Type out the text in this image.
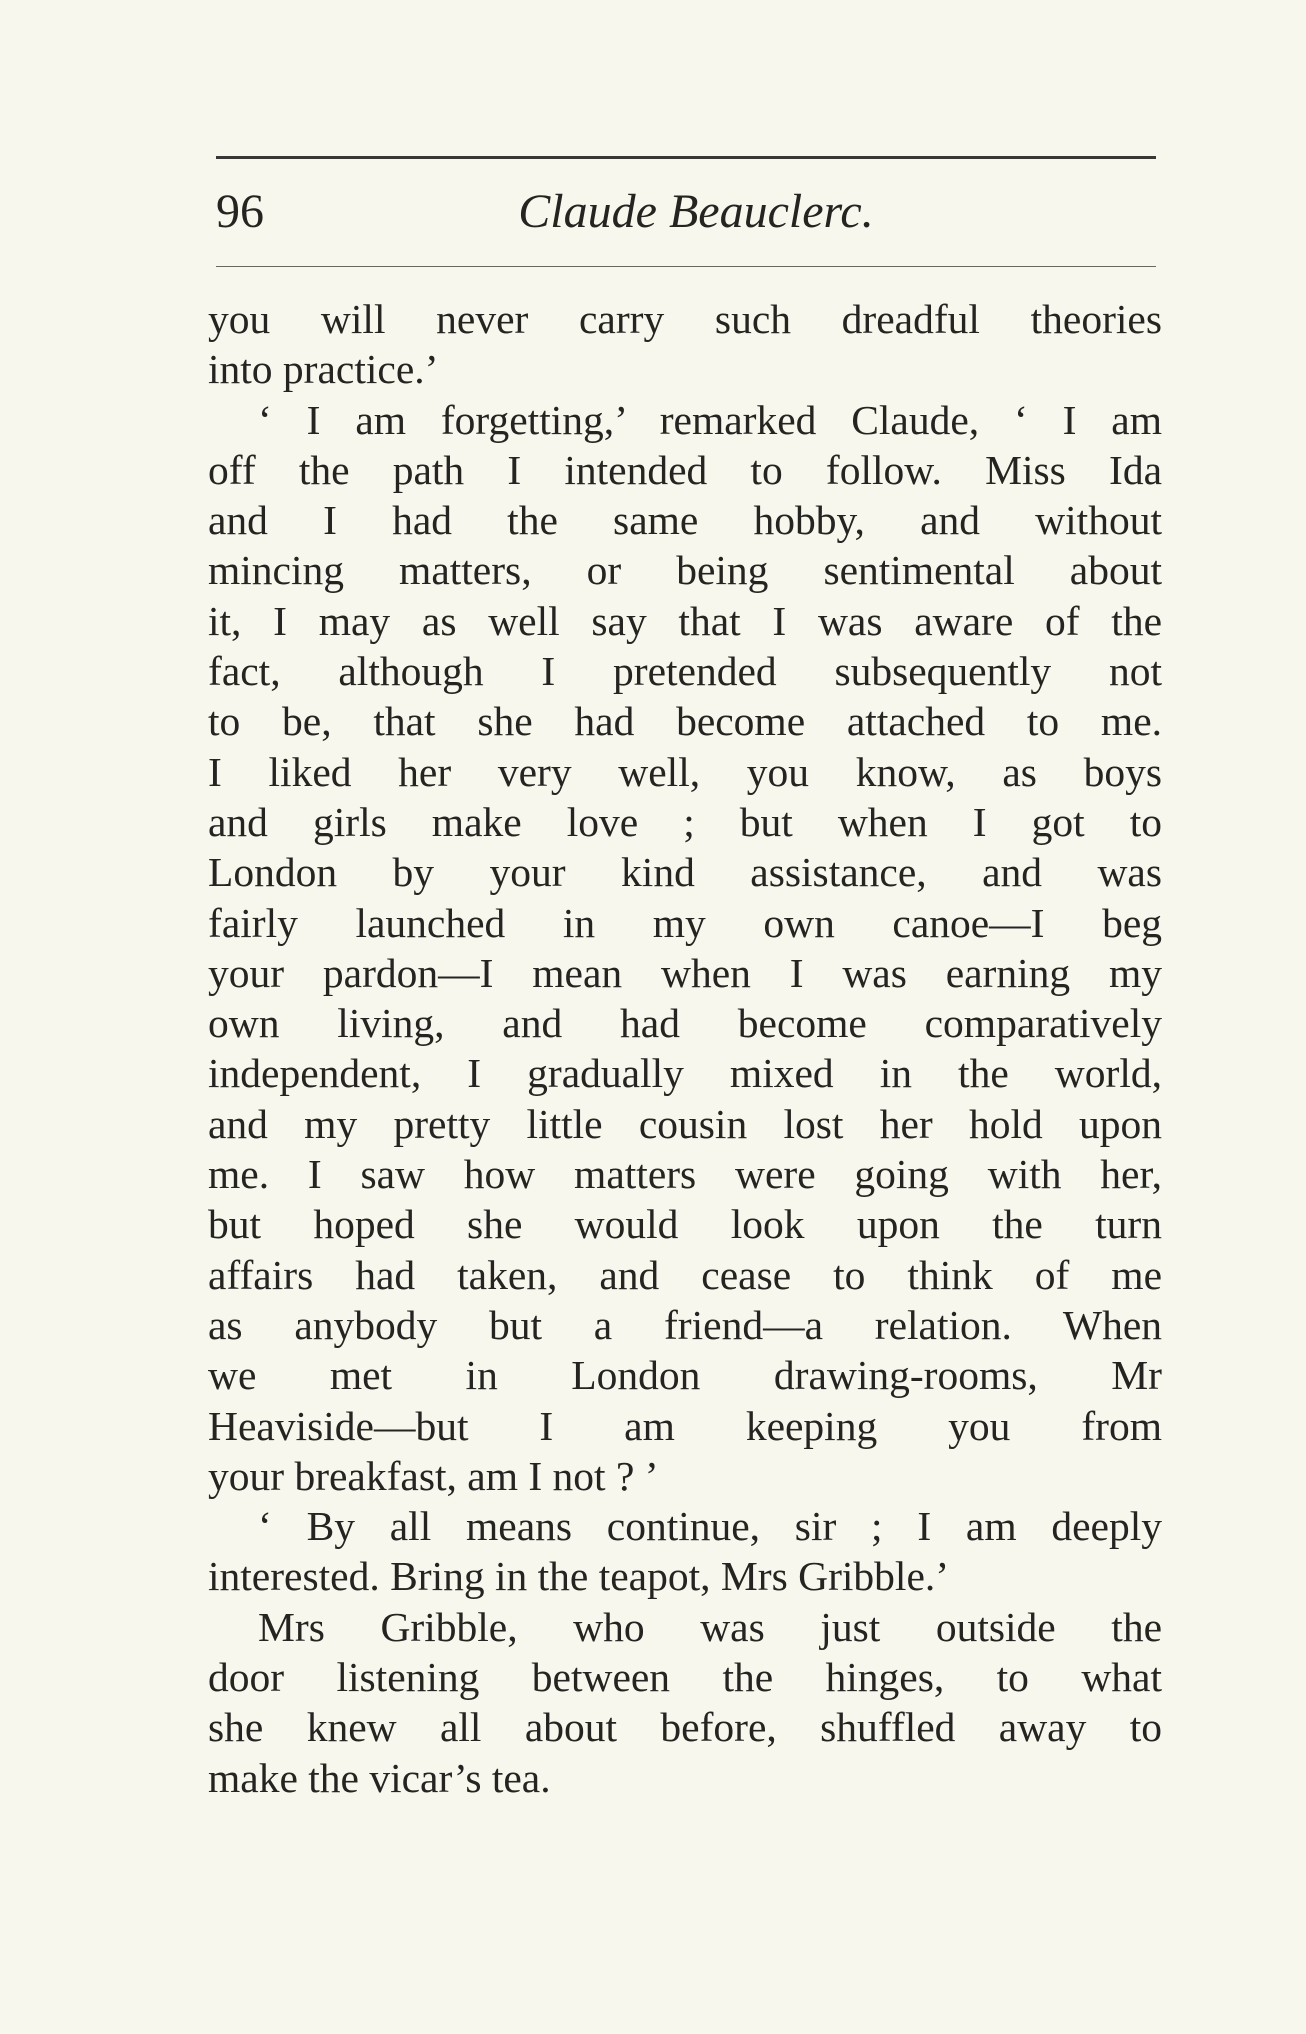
96	Claude Beauclerc.

you will never carry such dreadful theories

into practice.’

‘ I am forgetting,’ remarked Claude, ‘ I am

off the path I intended to follow. Miss Ida

and I had the same hobby, and without

mincing matters, or being sentimental about

it, I may as well say that I was aware of the

fact, although I pretended subsequently not

to be, that she had become attached to me.

I liked her very well, you know, as boys

and girls make love ; but when I got to

London by your kind assistance, and was

fairly launched in my own canoe—I beg

your pardon—I mean when I was earning my

own living, and had become comparatively

independent, I gradually mixed in the world,

and my pretty little cousin lost her hold upon

me. I saw how matters were going with her,

but hoped she would look upon the turn

affairs had taken, and cease to think of me

as anybody but a friend—a relation. When

we met in London drawing-rooms, Mr

Heaviside—but I am keeping you from

your breakfast, am I not ? ’

‘ By all means continue, sir ; I am deeply

interested. Bring in the teapot, Mrs Gribble.’

Mrs Gribble, who was just outside the

door listening between the hinges, to what

she knew all about before, shuffled away to

make the vicar’s tea.
